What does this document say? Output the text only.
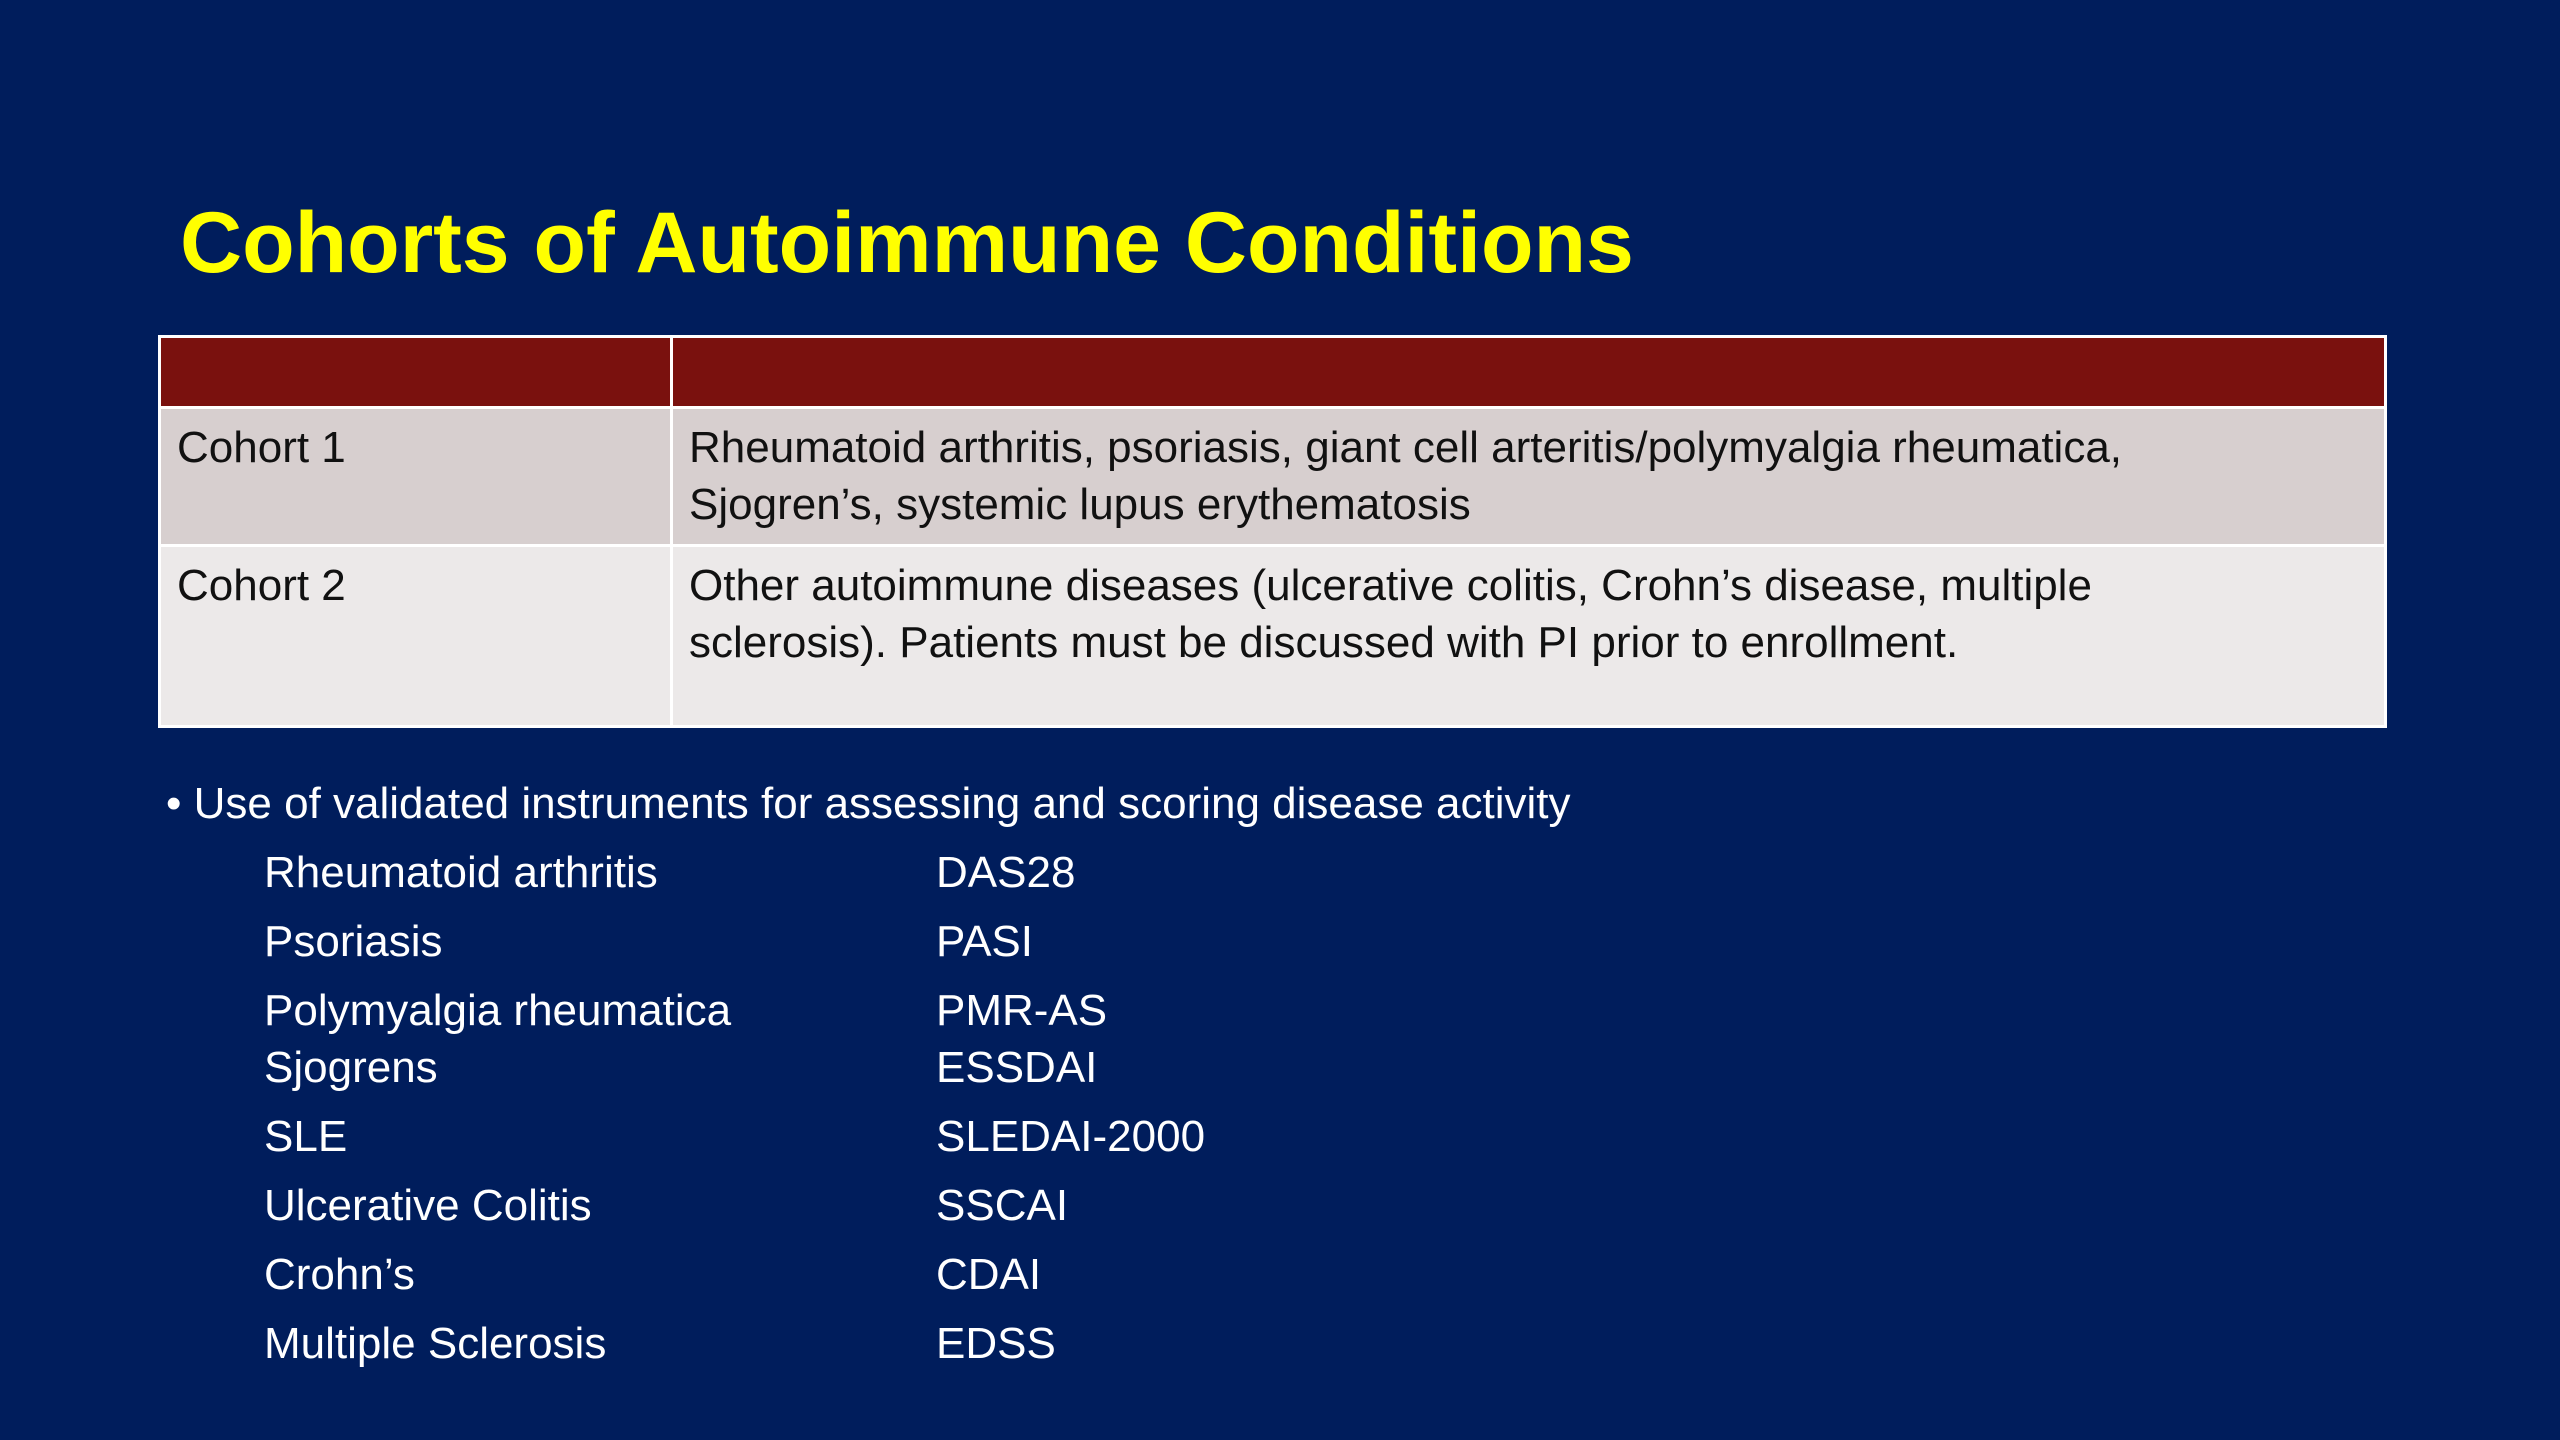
Cohorts of Autoimmune Conditions

Cohort 1	Rheumatoid arthritis, psoriasis, giant cell arteritis/polymyalgia rheumatica,
Sjogren’s, systemic lupus erythematosis

Cohort 2	Other autoimmune diseases (ulcerative colitis, Crohn’s disease, multiple
sclerosis). Patients must be discussed with PI prior to enrollment.

• Use of validated instruments for assessing and scoring disease activity

Rheumatoid arthritis	DAS28
Psoriasis	PASI
Polymyalgia rheumatica	PMR-AS
Sjogrens	ESSDAI
SLE	SLEDAI-2000
Ulcerative Colitis	SSCAI
Crohn’s	CDAI
Multiple Sclerosis	EDSS
